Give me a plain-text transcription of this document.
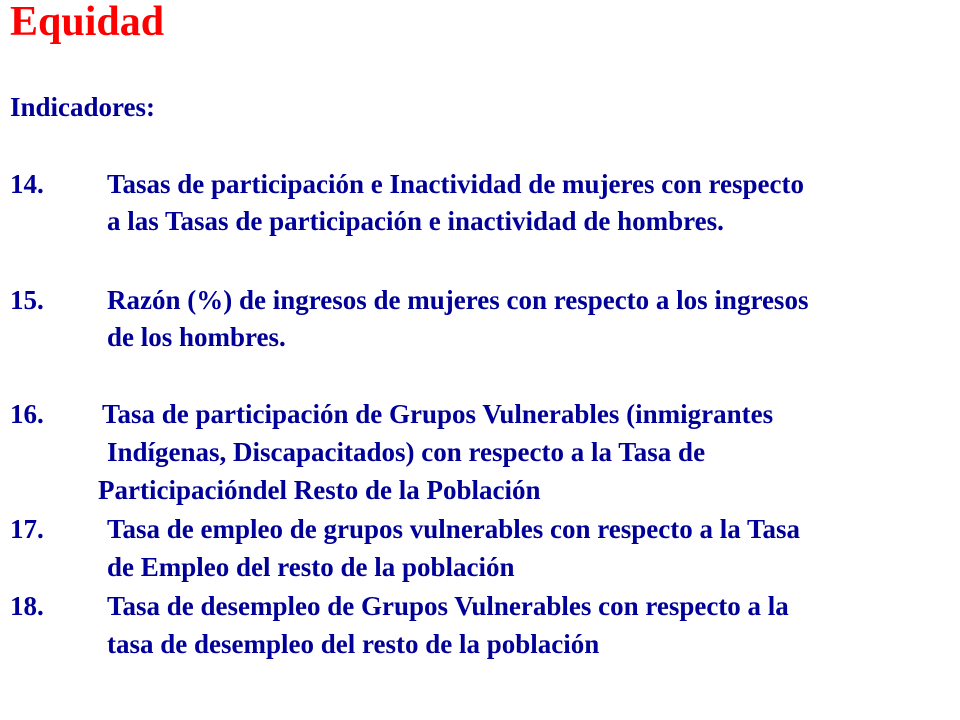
Equidad

Indicadores:

14. Tasas de participación e Inactividad de mujeres con respecto

a las Tasas de participación e inactividad de hombres.

15. Razón (%) de ingresos de mujeres con respecto a los ingresos

de los hombres.

16. Tasa de participación de Grupos Vulnerables (inmigrantes

Indígenas, Discapacitados) con respecto a la Tasa de

Participacióndel Resto de la Población

17. Tasa de empleo de grupos vulnerables con respecto a la Tasa

de Empleo del resto de la población

18. Tasa de desempleo de Grupos Vulnerables con respecto a la

tasa de desempleo del resto de la población
